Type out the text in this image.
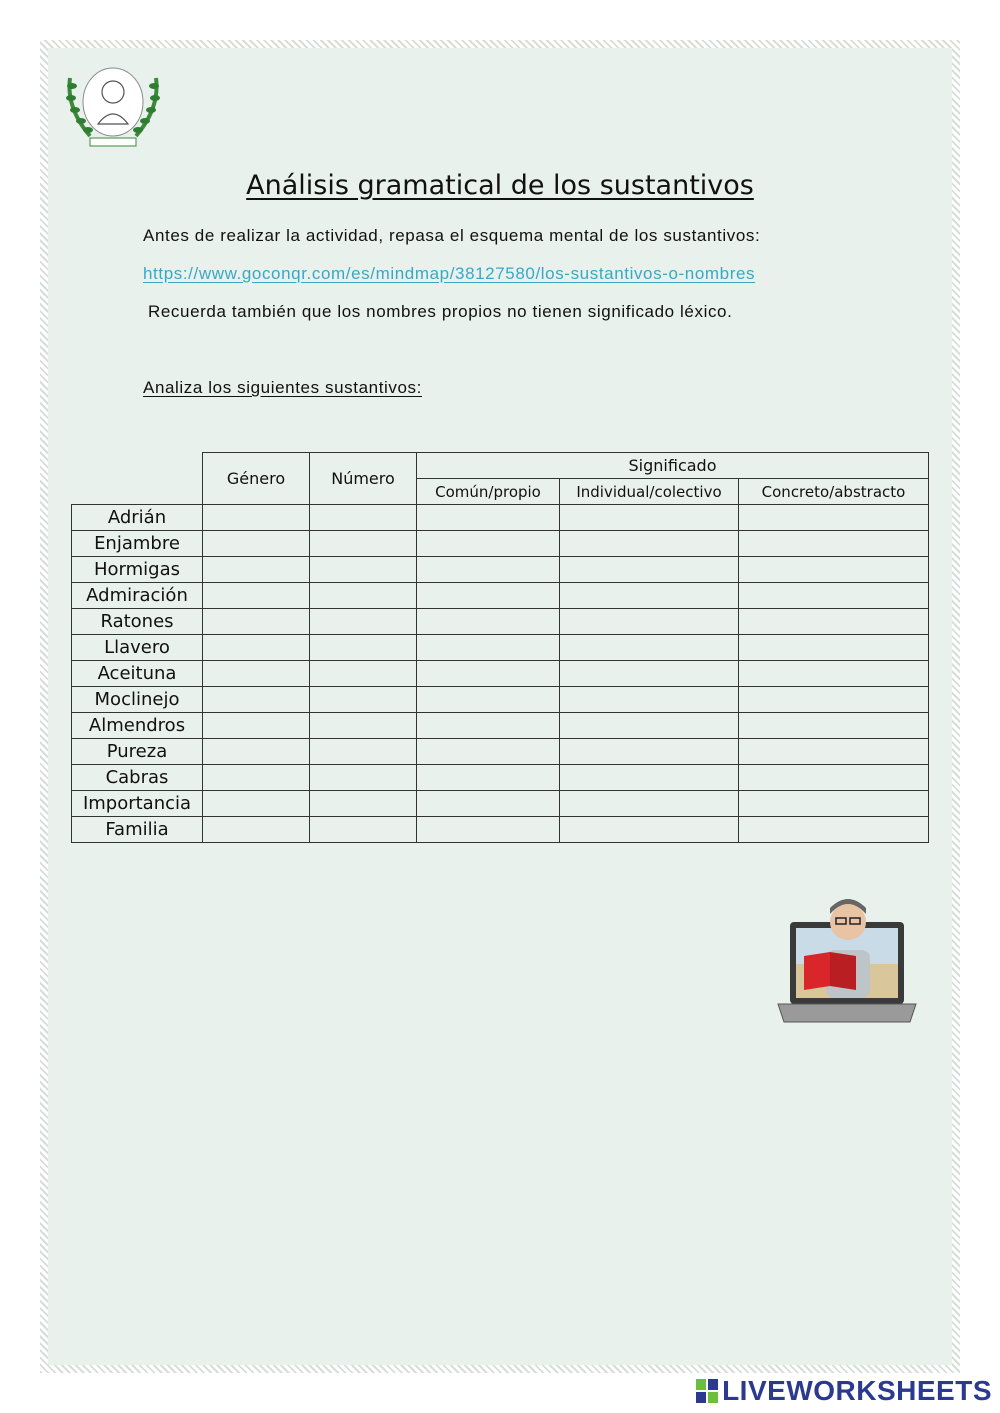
Análisis gramatical de los sustantivos
Antes de realizar la actividad, repasa el esquema mental de los sustantivos:
https://www.goconqr.com/es/mindmap/38127580/los-sustantivos-o-nombres
Recuerda también que los nombres propios no tienen significado léxico.
Analiza los siguientes sustantivos:
	Género	Número	Significado		
			Común/propio	Individual/colectivo	Concreto/abstracto
Adrián					
Enjambre					
Hormigas					
Admiración					
Ratones					
Llavero					
Aceituna					
Moclinejo					
Almendros					
Pureza					
Cabras					
Importancia					
Familia					
LIVEWORKSHEETS
